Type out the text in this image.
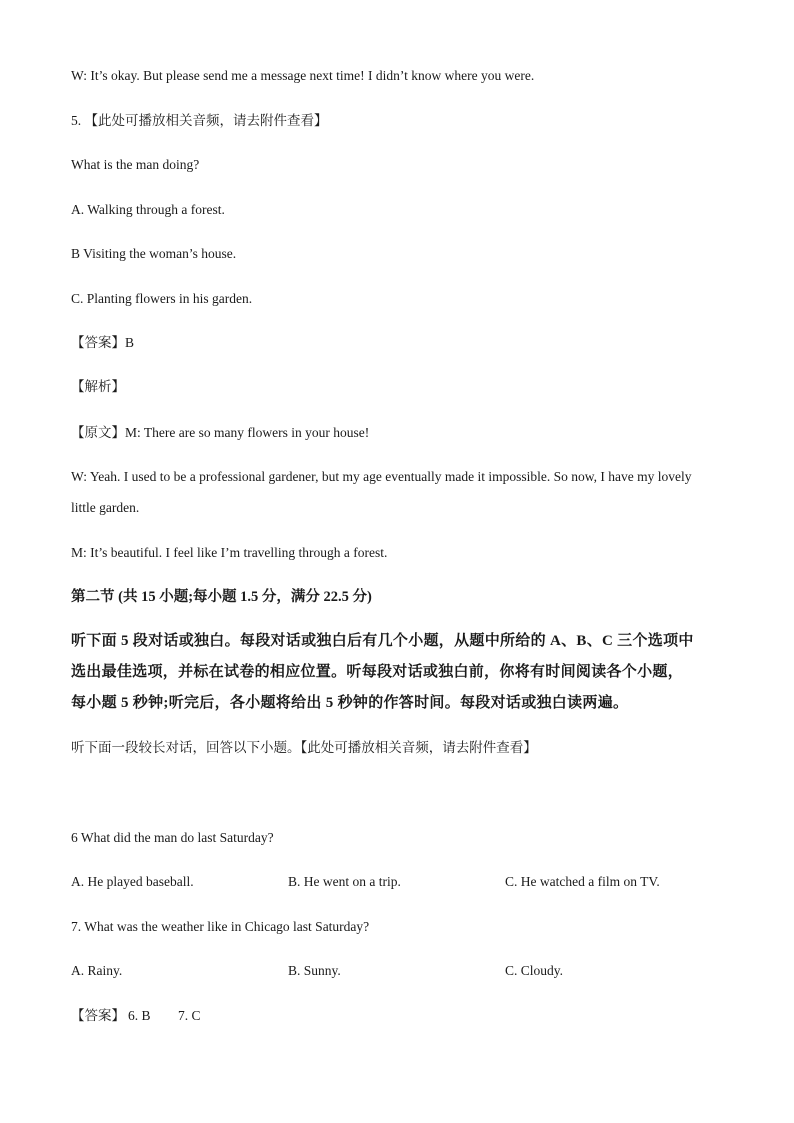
W: It’s okay. But please send me a message next time! I didn’t know where you were.
5. 【此处可播放相关音频，请去附件查看】
What is the man doing?
A. Walking through a forest.
B Visiting the woman’s house.
C. Planting flowers in his garden.
【答案】B
【解析】
【原文】M: There are so many flowers in your house!
W: Yeah. I used to be a professional gardener, but my age eventually made it impossible. So now, I have my lovely
little garden.
M: It’s beautiful. I feel like I’m travelling through a forest.
第二节 (共 15 小题;每小题 1.5 分，满分 22.5 分)
听下面 5 段对话或独白。每段对话或独白后有几个小题，从题中所给的 A、B、C 三个选项中
选出最佳选项，并标在试卷的相应位置。听每段对话或独白前，你将有时间阅读各个小题，
每小题 5 秒钟;听完后，各小题将给出 5 秒钟的作答时间。每段对话或独白读两遍。
听下面一段较长对话，回答以下小题。【此处可播放相关音频，请去附件查看】
6 What did the man do last Saturday?
A. He played baseball.	B. He went on a trip.	C. He watched a film on TV.
7. What was the weather like in Chicago last Saturday?
A. Rainy.	B. Sunny.	C. Cloudy.
【答案】 6. B 7. C
